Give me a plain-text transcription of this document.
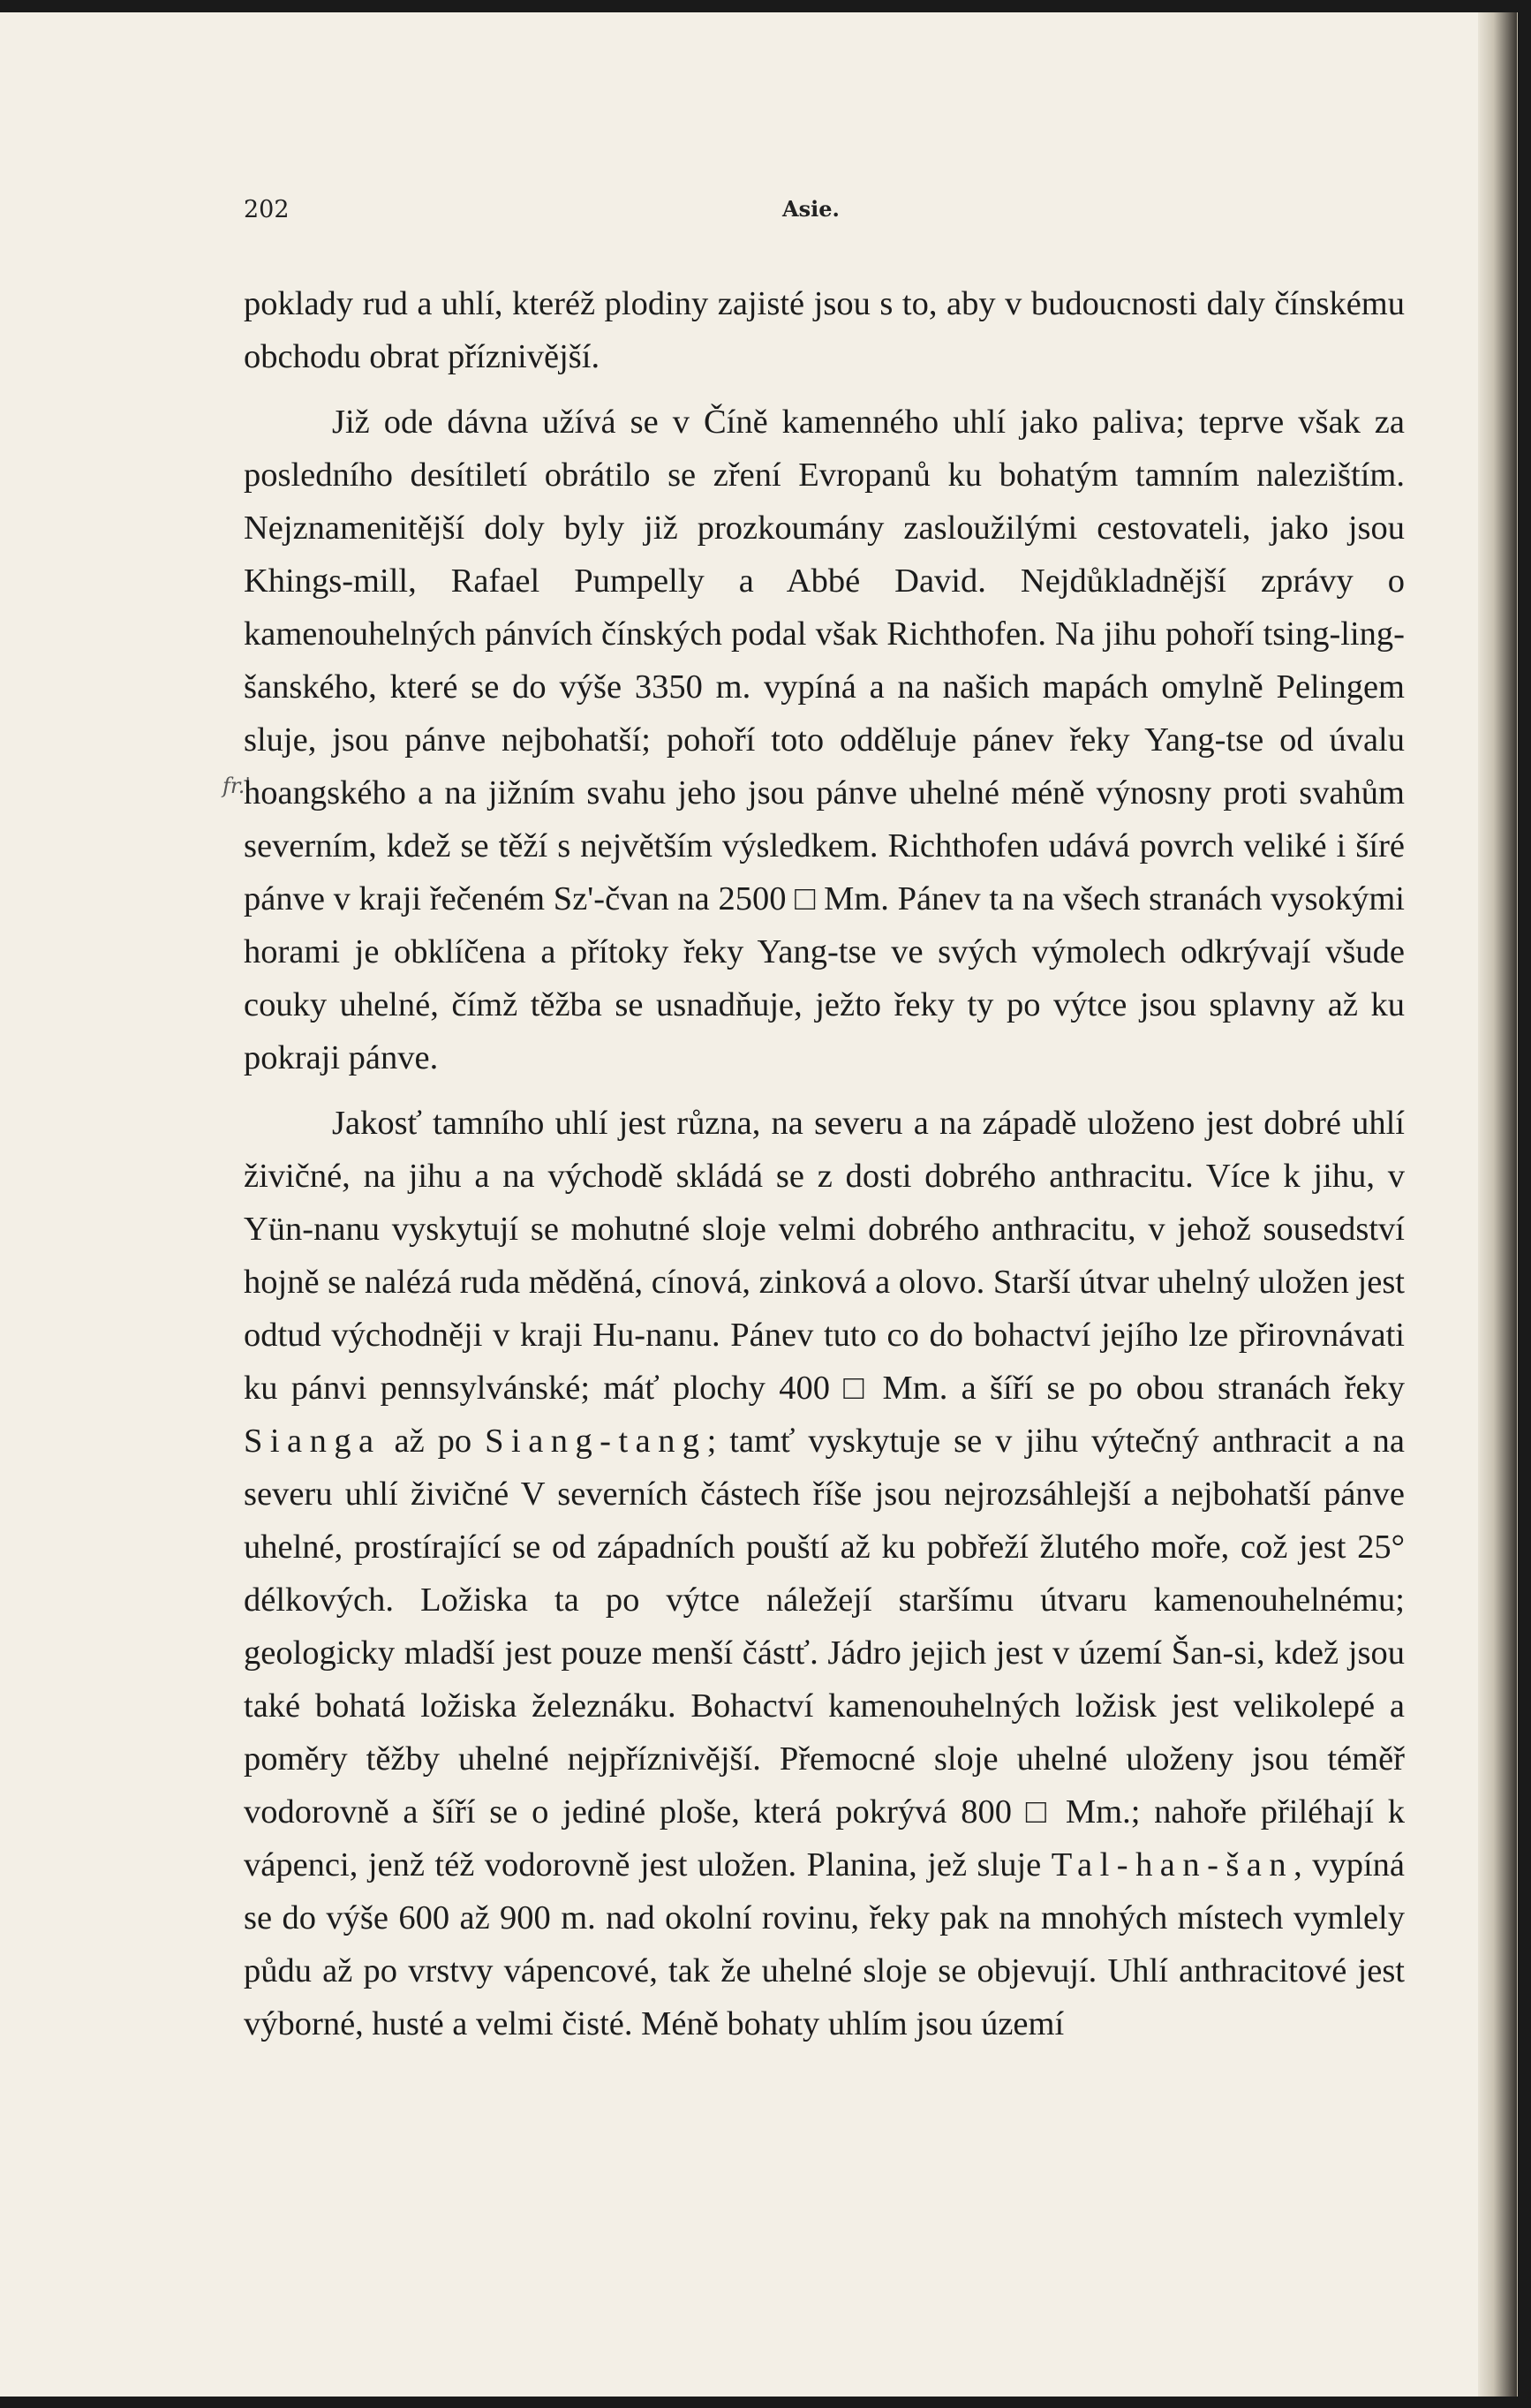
202	Asie.
fr.'

poklady rud a uhlí, kteréž plodiny zajisté jsou s to, aby v budoucnosti daly čínskému obchodu obrat příznivější.

Již ode dávna užívá se v Číně kamenného uhlí jako paliva; teprve však za posledního desítiletí obrátilo se zření Evropanů ku bohatým tamním nalezištím. Nejznamenitější doly byly již prozkoumány zasloužilými cestovateli, jako jsou Khings-mill, Rafael Pumpelly a Abbé David. Nejdůkladnější zprávy o kamenouhelných pánvích čínských podal však Richthofen. Na jihu pohoří tsing-ling-šanského, které se do výše 3350 m. vypíná a na našich mapách omylně Pelingem sluje, jsou pánve nejbohatší; pohoří toto odděluje pánev řeky Yang-tse od úvalu hoangského a na jižním svahu jeho jsou pánve uhelné méně výnosny proti svahům severním, kdež se těží s největším výsledkem. Richthofen udává povrch veliké i šíré pánve v kraji řečeném Sz'-čvan na 2500 □ Mm. Pánev ta na všech stranách vysokými horami je obklíčena a přítoky řeky Yang-tse ve svých výmolech odkrývají všude couky uhelné, čímž těžba se usnadňuje, ježto řeky ty po výtce jsou splavny až ku pokraji pánve.

Jakosť tamního uhlí jest různa, na severu a na západě uloženo jest dobré uhlí živičné, na jihu a na východě skládá se z dosti dobrého anthracitu. Více k jihu, v Yün-nanu vyskytují se mohutné sloje velmi dobrého anthracitu, v jehož sousedství hojně se nalézá ruda měděná, cínová, zinková a olovo. Starší útvar uhelný uložen jest odtud východněji v kraji Hu-nanu. Pánev tuto co do bohactví jejího lze přirovnávati ku pánvi pennsylvánské; máť plochy 400 □ Mm. a šíří se po obou stranách řeky Sianga až po Siang-tang; tamť vyskytuje se v jihu výtečný anthracit a na severu uhlí živičné V severních částech říše jsou nejrozsáhlejší a nejbohatší pánve uhelné, prostírající se od západních pouští až ku pobřeží žlutého moře, což jest 25° délkových. Ložiska ta po výtce náležejí staršímu útvaru kamenouhelnému; geologicky mladší jest pouze menší částť. Jádro jejich jest v území Šan-si, kdež jsou také bohatá ložiska železnáku. Bohactví kamenouhelných ložisk jest velikolepé a poměry těžby uhelné nejpříznivější. Přemocné sloje uhelné uloženy jsou téměř vodorovně a šíří se o jediné ploše, která pokrývá 800 □ Mm.; nahoře přiléhají k vápenci, jenž též vodorovně jest uložen. Planina, jež sluje Tal-han-šan, vypíná se do výše 600 až 900 m. nad okolní rovinu, řeky pak na mnohých místech vymlely půdu až po vrstvy vápencové, tak že uhelné sloje se objevují. Uhlí anthracitové jest výborné, husté a velmi čisté. Méně bohaty uhlím jsou území
